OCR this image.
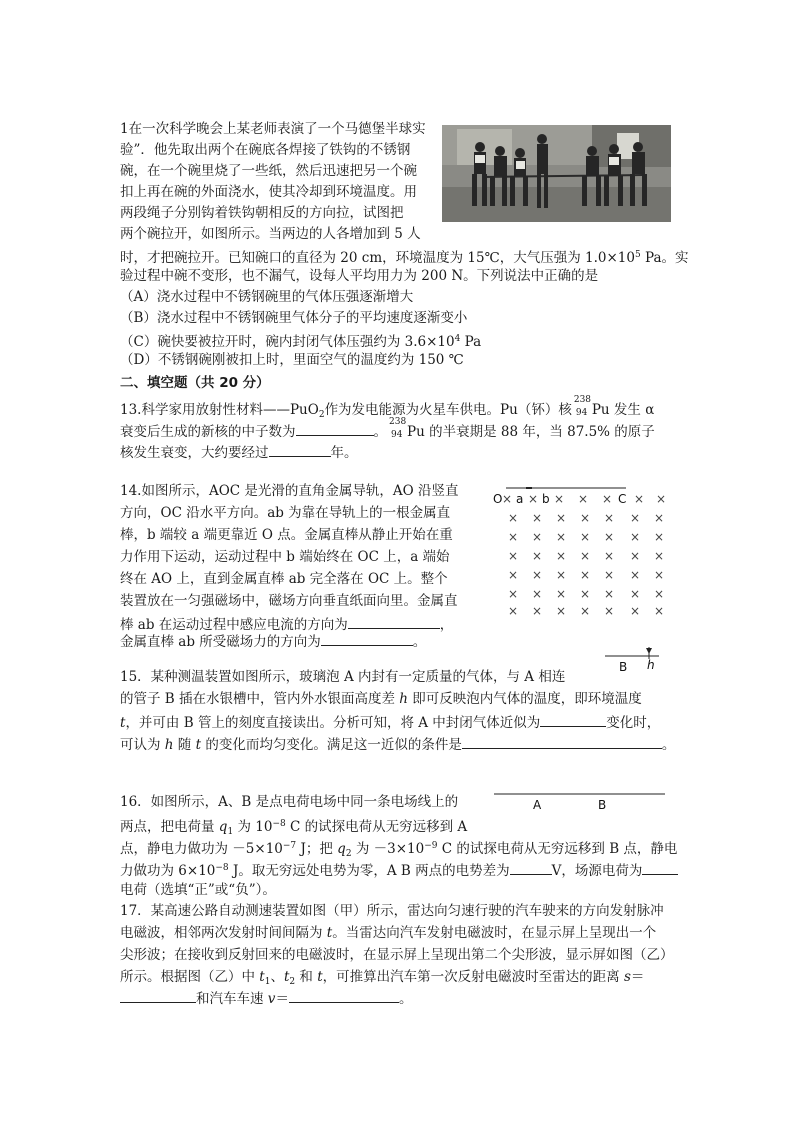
1在一次科学晚会上某老师表演了一个马德堡半球实
验”．他先取出两个在碗底各焊接了铁钩的不锈钢
碗，在一个碗里烧了一些纸，然后迅速把另一个碗
扣上再在碗的外面浇水，使其冷却到环境温度。用
两段绳子分别钩着铁钩朝相反的方向拉，试图把
两个碗拉开，如图所示。当两边的人各增加到 5 人
时，才把碗拉开。已知碗口的直径为 20 cm，环境温度为 15℃，大气压强为 $1.0\times 10^5$ Pa。实
验过程中碗不变形，也不漏气，设每人平均用力为 200 N。下列说法中正确的是
（A）浇水过程中不锈钢碗里的气体压强逐渐增大
（B）浇水过程中不锈钢碗里气体分子的平均速度逐渐变小
（C）碗快要被拉开时，碗内封闭气体压强约为 $3.6\times 10^4$ Pa
（D）不锈钢碗刚被扣上时，里面空气的温度约为 150 ℃
二、填空题（共 20 分）
13.科学家用放射性材料——PuO$_2$作为发电能源为火星车供电。Pu（钚）核
238
94 Pu 发生 α
衰变后生成的新核的中子数为	。
238
94 Pu 的半衰期是 88 年，当 87.5% 的原子
核发生衰变，大约要经过	年。
14.如图所示，AOC 是光滑的直角金属导轨，AO 沿竖直
方向，OC 沿水平方向。ab 为靠在导轨上的一根金属直
棒，b 端较 a 端更靠近 O 点。金属直棒从静止开始在重
力作用下运动，运动过程中 b 端始终在 OC 上，a 端始
终在 AO 上，直到金属直棒 ab 完全落在 OC 上。整个
装置放在一匀强磁场中，磁场方向垂直纸面向里。金属直
棒 ab 在运动过程中感应电流的方向为	，
金属直棒 ab 所受磁场力的方向为	。
O × a × b × × × C × ×
× × × × × × ×
× × × × × × ×
× × × × × × ×
× × × × × × ×
× × × × × × ×
× × × × × × ×
B h
15．某种测温装置如图所示，玻璃泡 A 内封有一定质量的气体，与 A 相连
的管子 B 插在水银槽中，管内外水银面高度差 h 即可反映泡内气体的温度，即环境温度
t，并可由 B 管上的刻度直接读出。分析可知，将 A 中封闭气体近似为	变化时，
可认为 h 随 t 的变化而均匀变化。满足这一近似的条件是	。
A	B
16．如图所示，A、B 是点电荷电场中同一条电场线上的
两点，把电荷量 $q_1$ 为 $10^{-8}$ C 的试探电荷从无穷远移到 A
点，静电力做功为 $-5\times 10^{-7}$ J；把 $q_2$ 为 $-3\times 10^{-9}$ C 的试探电荷从无穷远移到 B 点，静电
力做功为 $6\times 10^{-8}$ J。取无穷远处电势为零，A B 两点的电势差为	V，场源电荷为
电荷（选填“正”或“负”）。
17．某高速公路自动测速装置如图（甲）所示，雷达向匀速行驶的汽车驶来的方向发射脉冲
电磁波，相邻两次发射时间间隔为 t。当雷达向汽车发射电磁波时，在显示屏上呈现出一个
尖形波；在接收到反射回来的电磁波时，在显示屏上呈现出第二个尖形波，显示屏如图（乙）
所示。根据图（乙）中 $t_1$、$t_2$ 和 t，可推算出汽车第一次反射电磁波时至雷达的距离 s＝
和汽车车速 v＝	。
